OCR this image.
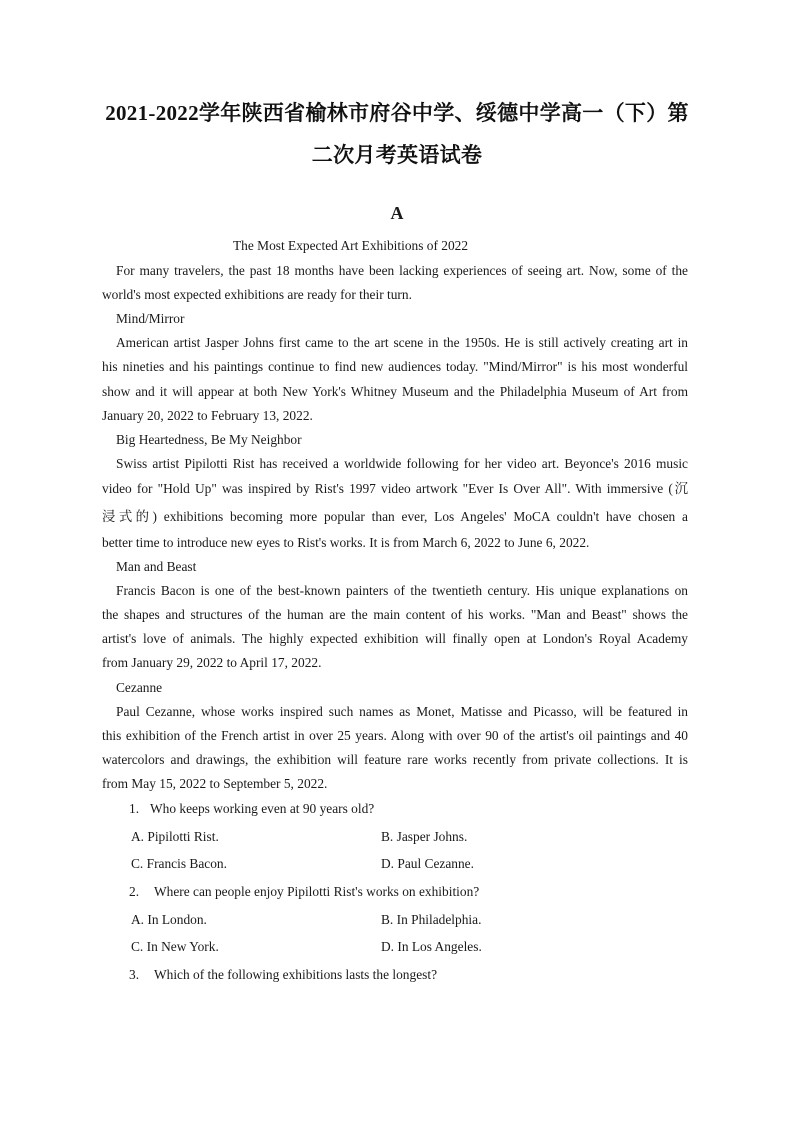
2021-2022学年陕西省榆林市府谷中学、绥德中学高一（下）第
二次月考英语试卷
A
The Most Expected Art Exhibitions of 2022
For many travelers, the past 18 months have been lacking experiences of seeing art. Now, some of the
world's most expected exhibitions are ready for their turn.
Mind/Mirror
American artist Jasper Johns first came to the art scene in the 1950s. He is still actively creating art in
his nineties and his paintings continue to find new audiences today. "Mind/Mirror" is his most wonderful
show and it will appear at both New York's Whitney Museum and the Philadelphia Museum of Art from
January 20, 2022 to February 13, 2022.
Big Heartedness, Be My Neighbor
Swiss artist Pipilotti Rist has received a worldwide following for her video art. Beyonce's 2016 music
video for "Hold Up" was inspired by Rist's 1997 video artwork "Ever Is Over All". With immersive (沉
浸式的) exhibitions becoming more popular than ever, Los Angeles' MoCA couldn't have chosen a
better time to introduce new eyes to Rist's works. It is from March 6, 2022 to June 6, 2022.
Man and Beast
Francis Bacon is one of the best-known painters of the twentieth century. His unique explanations on
the shapes and structures of the human are the main content of his works. "Man and Beast" shows the
artist's love of animals. The highly expected exhibition will finally open at London's Royal Academy
from January 29, 2022 to April 17, 2022.
Cezanne
Paul Cezanne, whose works inspired such names as Monet, Matisse and Picasso, will be featured in
this exhibition of the French artist in over 25 years. Along with over 90 of the artist's oil paintings and 40
watercolors and drawings, the exhibition will feature rare works recently from private collections. It is
from May 15, 2022 to September 5, 2022.
1. Who keeps working even at 90 years old?
A. Pipilotti Rist.	B. Jasper Johns.
C. Francis Bacon.	D. Paul Cezanne.
2. Where can people enjoy Pipilotti Rist's works on exhibition?
A. In London.	B. In Philadelphia.
C. In New York.	D. In Los Angeles.
3. Which of the following exhibitions lasts the longest?
